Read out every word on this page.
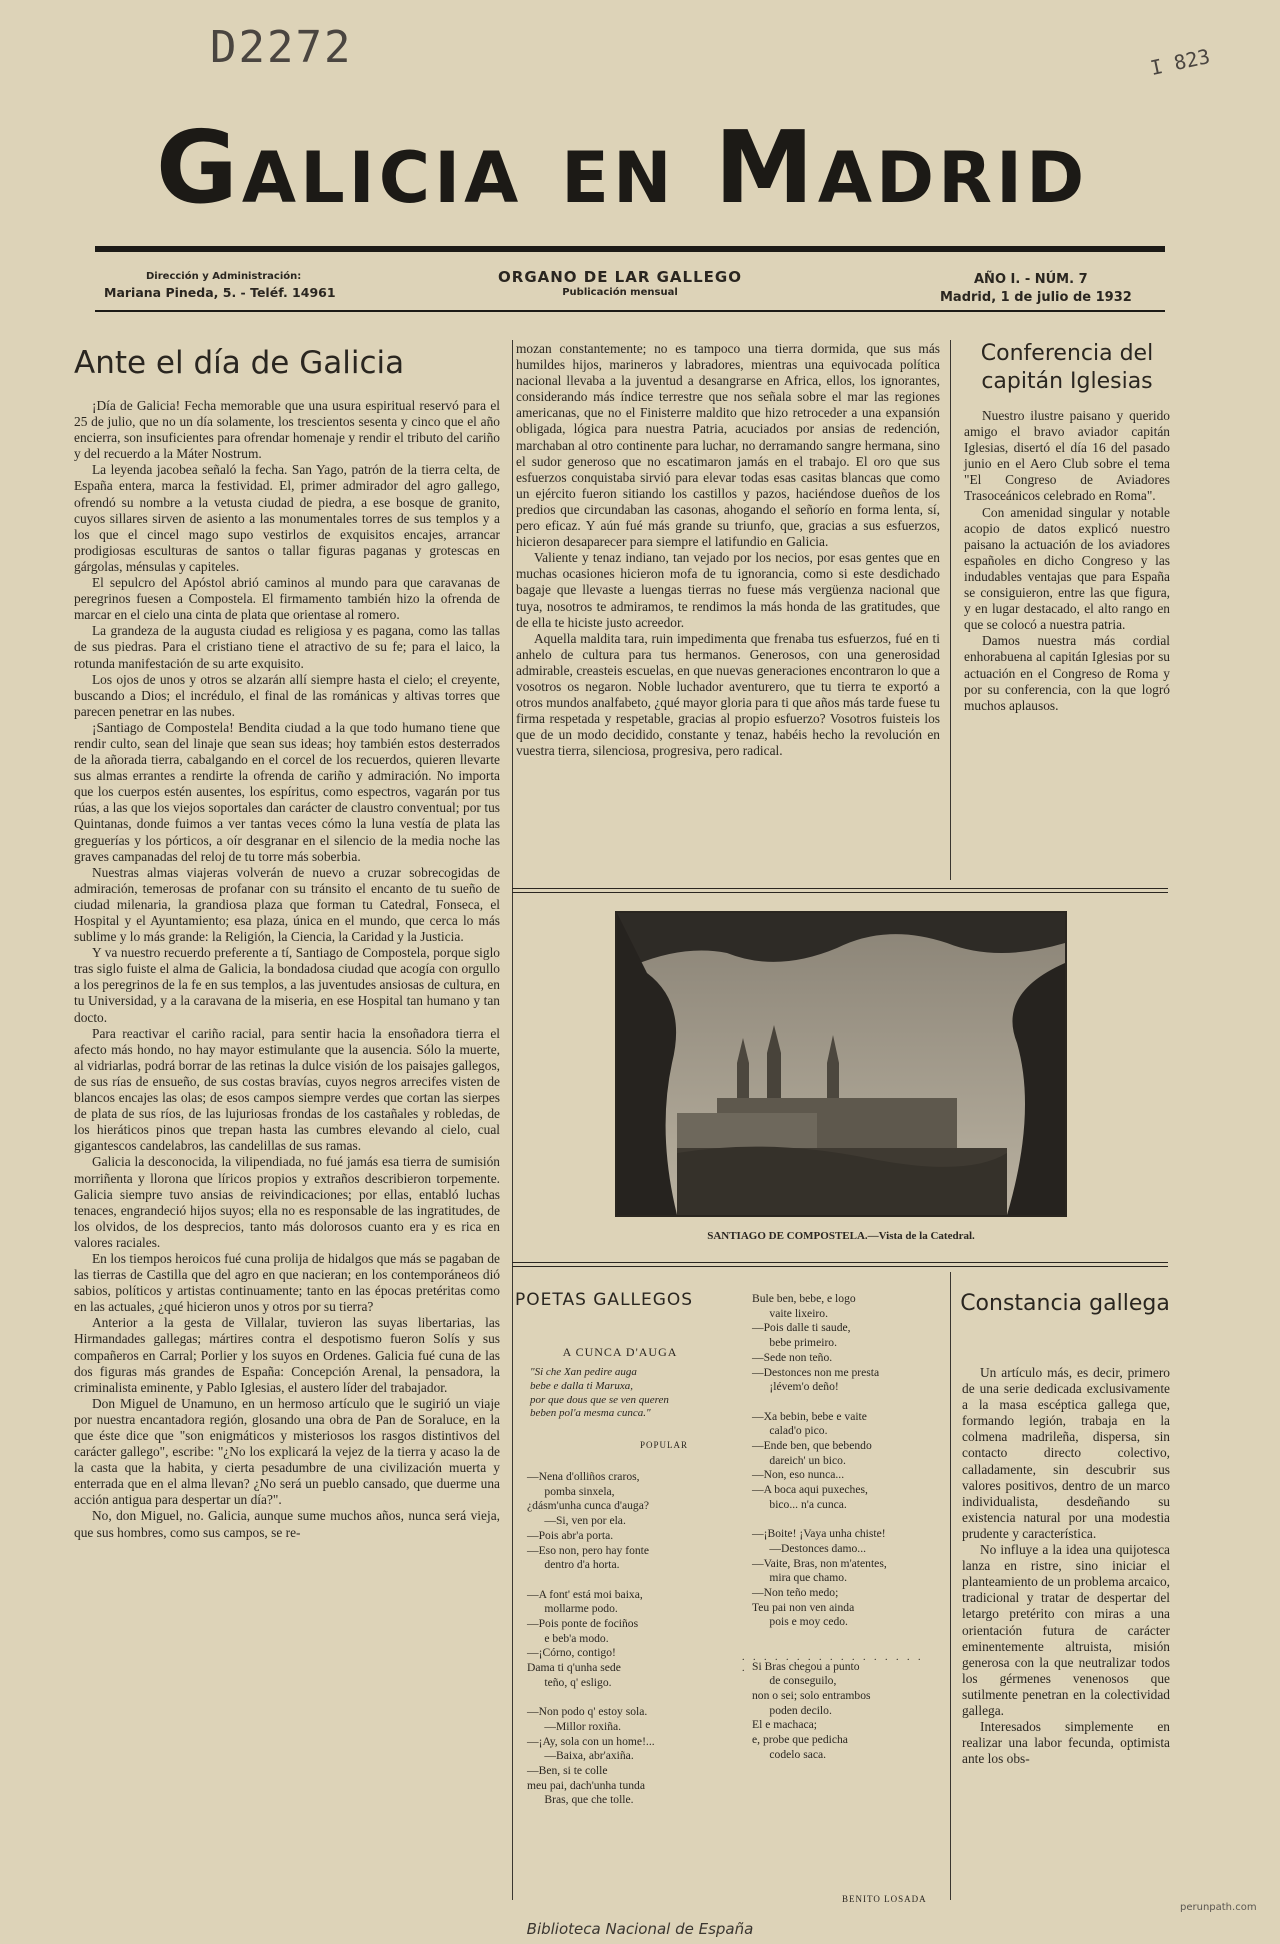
D2272	I 823
Galicia en Madrid
Dirección y Administración:
Mariana Pineda, 5. - Teléf. 14961
ORGANO DE LAR GALLEGO
Publicación mensual
AÑO I. - NÚM. 7
Madrid, 1 de julio de 1932
Ante el día de Galicia

¡Día de Galicia! Fecha memorable que una usura espiritual reservó para el 25 de julio, que no un día solamente, los trescientos sesenta y cinco que el año encierra, son insuficientes para ofrendar homenaje y rendir el tributo del cariño y del recuerdo a la Máter Nostrum.

La leyenda jacobea señaló la fecha. San Yago, patrón de la tierra celta, de España entera, marca la festividad. El, primer admirador del agro gallego, ofrendó su nombre a la vetusta ciudad de piedra, a ese bosque de granito, cuyos sillares sirven de asiento a las monumentales torres de sus templos y a los que el cincel mago supo vestirlos de exquisitos encajes, arrancar prodigiosas esculturas de santos o tallar figuras paganas y grotescas en gárgolas, ménsulas y capiteles.

El sepulcro del Apóstol abrió caminos al mundo para que caravanas de peregrinos fuesen a Compostela. El firmamento también hizo la ofrenda de marcar en el cielo una cinta de plata que orientase al romero.

La grandeza de la augusta ciudad es religiosa y es pagana, como las tallas de sus piedras. Para el cristiano tiene el atractivo de su fe; para el laico, la rotunda manifestación de su arte exquisito.

Los ojos de unos y otros se alzarán allí siempre hasta el cielo; el creyente, buscando a Dios; el incrédulo, el final de las románicas y altivas torres que parecen penetrar en las nubes.

¡Santiago de Compostela! Bendita ciudad a la que todo humano tiene que rendir culto, sean del linaje que sean sus ideas; hoy también estos desterrados de la añorada tierra, cabalgando en el corcel de los recuerdos, quieren llevarte sus almas errantes a rendirte la ofrenda de cariño y admiración. No importa que los cuerpos estén ausentes, los espíritus, como espectros, vagarán por tus rúas, a las que los viejos soportales dan carácter de claustro conventual; por tus Quintanas, donde fuimos a ver tantas veces cómo la luna vestía de plata las greguerías y los pórticos, a oír desgranar en el silencio de la media noche las graves campanadas del reloj de tu torre más soberbia.

Nuestras almas viajeras volverán de nuevo a cruzar sobrecogidas de admiración, temerosas de profanar con su tránsito el encanto de tu sueño de ciudad milenaria, la grandiosa plaza que forman tu Catedral, Fonseca, el Hospital y el Ayuntamiento; esa plaza, única en el mundo, que cerca lo más sublime y lo más grande: la Religión, la Ciencia, la Caridad y la Justicia.

Y va nuestro recuerdo preferente a tí, Santiago de Compostela, porque siglo tras siglo fuiste el alma de Galicia, la bondadosa ciudad que acogía con orgullo a los peregrinos de la fe en sus templos, a las juventudes ansiosas de cultura, en tu Universidad, y a la caravana de la miseria, en ese Hospital tan humano y tan docto.

Para reactivar el cariño racial, para sentir hacia la ensoñadora tierra el afecto más hondo, no hay mayor estimulante que la ausencia. Sólo la muerte, al vidriarlas, podrá borrar de las retinas la dulce visión de los paisajes gallegos, de sus rías de ensueño, de sus costas bravías, cuyos negros arrecifes visten de blancos encajes las olas; de esos campos siempre verdes que cortan las sierpes de plata de sus ríos, de las lujuriosas frondas de los castañales y robledas, de los hieráticos pinos que trepan hasta las cumbres elevando al cielo, cual gigantescos candelabros, las candelillas de sus ramas.

Galicia la desconocida, la vilipendiada, no fué jamás esa tierra de sumisión morriñenta y llorona que líricos propios y extraños describieron torpemente. Galicia siempre tuvo ansias de reivindicaciones; por ellas, entabló luchas tenaces, engrandeció hijos suyos; ella no es responsable de las ingratitudes, de los olvidos, de los desprecios, tanto más dolorosos cuanto era y es rica en valores raciales.

En los tiempos heroicos fué cuna prolija de hidalgos que más se pagaban de las tierras de Castilla que del agro en que nacieran; en los contemporáneos dió sabios, políticos y artistas continuamente; tanto en las épocas pretéritas como en las actuales, ¿qué hicieron unos y otros por su tierra?

Anterior a la gesta de Villalar, tuvieron las suyas libertarias, las Hirmandades gallegas; mártires contra el despotismo fueron Solís y sus compañeros en Carral; Porlier y los suyos en Ordenes. Galicia fué cuna de las dos figuras más grandes de España: Concepción Arenal, la pensadora, la criminalista eminente, y Pablo Iglesias, el austero líder del trabajador.

Don Miguel de Unamuno, en un hermoso artículo que le sugirió un viaje por nuestra encantadora región, glosando una obra de Pan de Soraluce, en la que éste dice que "son enigmáticos y misteriosos los rasgos distintivos del carácter gallego", escribe: "¿No los explicará la vejez de la tierra y acaso la de la casta que la habita, y cierta pesadumbre de una civilización muerta y enterrada que en el alma llevan? ¿No será un pueblo cansado, que duerme una acción antigua para despertar un día?".

No, don Miguel, no. Galicia, aunque sume muchos años, nunca será vieja, que sus hombres, como sus campos, se re-

mozan constantemente; no es tampoco una tierra dormida, que sus más humildes hijos, marineros y labradores, mientras una equivocada política nacional llevaba a la juventud a desangrarse en Africa, ellos, los ignorantes, considerando más índice terrestre que nos señala sobre el mar las regiones americanas, que no el Finisterre maldito que hizo retroceder a una expansión obligada, lógica para nuestra Patria, acuciados por ansias de redención, marchaban al otro continente para luchar, no derramando sangre hermana, sino el sudor generoso que no escatimaron jamás en el trabajo. El oro que sus esfuerzos conquistaba sirvió para elevar todas esas casitas blancas que como un ejército fueron sitiando los castillos y pazos, haciéndose dueños de los predios que circundaban las casonas, ahogando el señorío en forma lenta, sí, pero eficaz. Y aún fué más grande su triunfo, que, gracias a sus esfuerzos, hicieron desaparecer para siempre el latifundio en Galicia.

Valiente y tenaz indiano, tan vejado por los necios, por esas gentes que en muchas ocasiones hicieron mofa de tu ignorancia, como si este desdichado bagaje que llevaste a luengas tierras no fuese más vergüenza nacional que tuya, nosotros te admiramos, te rendimos la más honda de las gratitudes, que de ella te hiciste justo acreedor.

Aquella maldita tara, ruin impedimenta que frenaba tus esfuerzos, fué en ti anhelo de cultura para tus hermanos. Generosos, con una generosidad admirable, creasteis escuelas, en que nuevas generaciones encontraron lo que a vosotros os negaron. Noble luchador aventurero, que tu tierra te exportó a otros mundos analfabeto, ¿qué mayor gloria para ti que años más tarde fuese tu firma respetada y respetable, gracias al propio esfuerzo? Vosotros fuisteis los que de un modo decidido, constante y tenaz, habéis hecho la revolución en vuestra tierra, silenciosa, progresiva, pero radical.

Conferencia del capitán Iglesias

Nuestro ilustre paisano y querido amigo el bravo aviador capitán Iglesias, disertó el día 16 del pasado junio en el Aero Club sobre el tema "El Congreso de Aviadores Trasoceánicos celebrado en Roma".

Con amenidad singular y notable acopio de datos explicó nuestro paisano la actuación de los aviadores españoles en dicho Congreso y las indudables ventajas que para España se consiguieron, entre las que figura, y en lugar destacado, el alto rango en que se colocó a nuestra patria.

Damos nuestra más cordial enhorabuena al capitán Iglesias por su actuación en el Congreso de Roma y por su conferencia, con la que logró muchos aplausos.

SANTIAGO DE COMPOSTELA.—Vista de la Catedral.
POETAS GALLEGOS
A CUNCA D'AUGA
"Si che Xan pedire auga
bebe e dalla ti Maruxa,
por que dous que se ven queren
beben pol'a mesma cunca."
POPULAR
—Nena d'olliños craros,
pomba sinxela,
¿dásm'unha cunca d'auga?
—Si, ven por ela.
—Pois abr'a porta.
—Eso non, pero hay fonte
dentro d'a horta.

—A font' está moi baixa,
mollarme podo.
—Pois ponte de fociños
e beb'a modo.
—¡Córno, contigo!
Dama ti q'unha sede
teño, q' esligo.

—Non podo q' estoy sola.
—Millor roxiña.
—¡Ay, sola con un home!...
—Baixa, abr'axiña.
—Ben, si te colle
meu pai, dach'unha tunda
Bras, que che tolle.
Bule ben, bebe, e logo
vaite lixeiro.
—Pois dalle ti saude,
bebe primeiro.
—Sede non teño.
—Destonces non me presta
¡lévem'o deño!

—Xa bebin, bebe e vaite
calad'o pico.
—Ende ben, que bebendo
dareich' un bico.
—Non, eso nunca...
—A boca aqui puxeches,
bico... n'a cunca.

—¡Boite! ¡Vaya unha chiste!
—Destonces damo...
—Vaite, Bras, non m'atentes,
mira que chamo.
—Non teño medo;
Teu pai non ven ainda
pois e moy cedo.

Si Bras chegou a punto
de conseguilo,
non o sei; solo entrambos
poden decilo.
El e machaca;
e, probe que pedicha
codelo saca.
. . . . . . . . . . . . . . . . . .
BENITO LOSADA
Constancia gallega

Un artículo más, es decir, primero de una serie dedicada exclusivamente a la masa escéptica gallega que, formando legión, trabaja en la colmena madrileña, dispersa, sin contacto directo colectivo, calladamente, sin descubrir sus valores positivos, dentro de un marco individualista, desdeñando su existencia natural por una modestia prudente y característica.

No influye a la idea una quijotesca lanza en ristre, sino iniciar el planteamiento de un problema arcaico, tradicional y tratar de despertar del letargo pretérito con miras a una orientación futura de carácter eminentemente altruista, misión generosa con la que neutralizar todos los gérmenes venenosos que sutilmente penetran en la colectividad gallega.

Interesados simplemente en realizar una labor fecunda, optimista ante los obs-

Biblioteca Nacional de España
perunpath.com
